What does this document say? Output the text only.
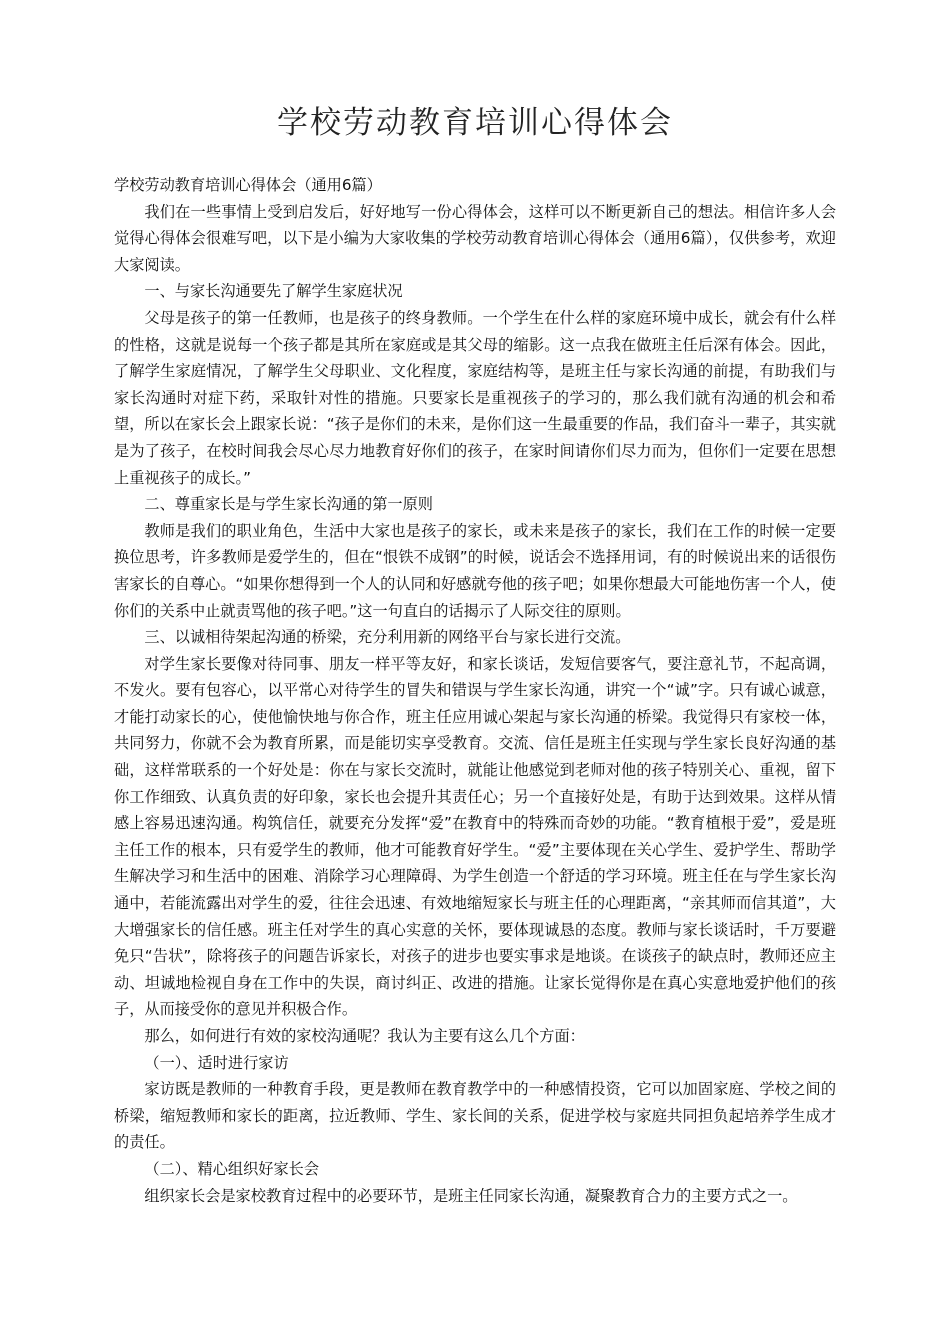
学校劳动教育培训心得体会

学校劳动教育培训心得体会（通用6篇）

我们在一些事情上受到启发后，好好地写一份心得体会，这样可以不断更新自己的想法。相信许多人会觉得心得体会很难写吧，以下是小编为大家收集的学校劳动教育培训心得体会（通用6篇），仅供参考，欢迎大家阅读。

一、与家长沟通要先了解学生家庭状况

父母是孩子的第一任教师，也是孩子的终身教师。一个学生在什么样的家庭环境中成长，就会有什么样的性格，这就是说每一个孩子都是其所在家庭或是其父母的缩影。这一点我在做班主任后深有体会。因此，了解学生家庭情况，了解学生父母职业、文化程度，家庭结构等，是班主任与家长沟通的前提，有助我们与家长沟通时对症下药，采取针对性的措施。只要家长是重视孩子的学习的，那么我们就有沟通的机会和希望，所以在家长会上跟家长说：“孩子是你们的未来，是你们这一生最重要的作品，我们奋斗一辈子，其实就是为了孩子，在校时间我会尽心尽力地教育好你们的孩子，在家时间请你们尽力而为，但你们一定要在思想上重视孩子的成长。”

二、尊重家长是与学生家长沟通的第一原则

教师是我们的职业角色，生活中大家也是孩子的家长，或未来是孩子的家长，我们在工作的时候一定要换位思考，许多教师是爱学生的，但在“恨铁不成钢”的时候，说话会不选择用词，有的时候说出来的话很伤害家长的自尊心。“如果你想得到一个人的认同和好感就夸他的孩子吧；如果你想最大可能地伤害一个人，使你们的关系中止就责骂他的孩子吧。”这一句直白的话揭示了人际交往的原则。

三、以诚相待架起沟通的桥梁，充分利用新的网络平台与家长进行交流。

对学生家长要像对待同事、朋友一样平等友好，和家长谈话，发短信要客气，要注意礼节，不起高调，不发火。要有包容心，以平常心对待学生的冒失和错误与学生家长沟通，讲究一个“诚”字。只有诚心诚意，才能打动家长的心，使他愉快地与你合作，班主任应用诚心架起与家长沟通的桥梁。我觉得只有家校一体，共同努力，你就不会为教育所累，而是能切实享受教育。交流、信任是班主任实现与学生家长良好沟通的基础，这样常联系的一个好处是：你在与家长交流时，就能让他感觉到老师对他的孩子特别关心、重视，留下你工作细致、认真负责的好印象，家长也会提升其责任心；另一个直接好处是，有助于达到效果。这样从情感上容易迅速沟通。构筑信任，就要充分发挥“爱”在教育中的特殊而奇妙的功能。“教育植根于爱”，爱是班主任工作的根本，只有爱学生的教师，他才可能教育好学生。“爱”主要体现在关心学生、爱护学生、帮助学生解决学习和生活中的困难、消除学习心理障碍、为学生创造一个舒适的学习环境。班主任在与学生家长沟通中，若能流露出对学生的爱，往往会迅速、有效地缩短家长与班主任的心理距离，“亲其师而信其道”，大大增强家长的信任感。班主任对学生的真心实意的关怀，要体现诚恳的态度。教师与家长谈话时，千万要避免只“告状”，除将孩子的问题告诉家长，对孩子的进步也要实事求是地谈。在谈孩子的缺点时，教师还应主动、坦诚地检视自身在工作中的失误，商讨纠正、改进的措施。让家长觉得你是在真心实意地爱护他们的孩子，从而接受你的意见并积极合作。

那么，如何进行有效的家校沟通呢？我认为主要有这么几个方面：

（一）、适时进行家访

家访既是教师的一种教育手段，更是教师在教育教学中的一种感情投资，它可以加固家庭、学校之间的桥梁，缩短教师和家长的距离，拉近教师、学生、家长间的关系，促进学校与家庭共同担负起培养学生成才的责任。

（二）、精心组织好家长会

组织家长会是家校教育过程中的必要环节，是班主任同家长沟通，凝聚教育合力的主要方式之一。
